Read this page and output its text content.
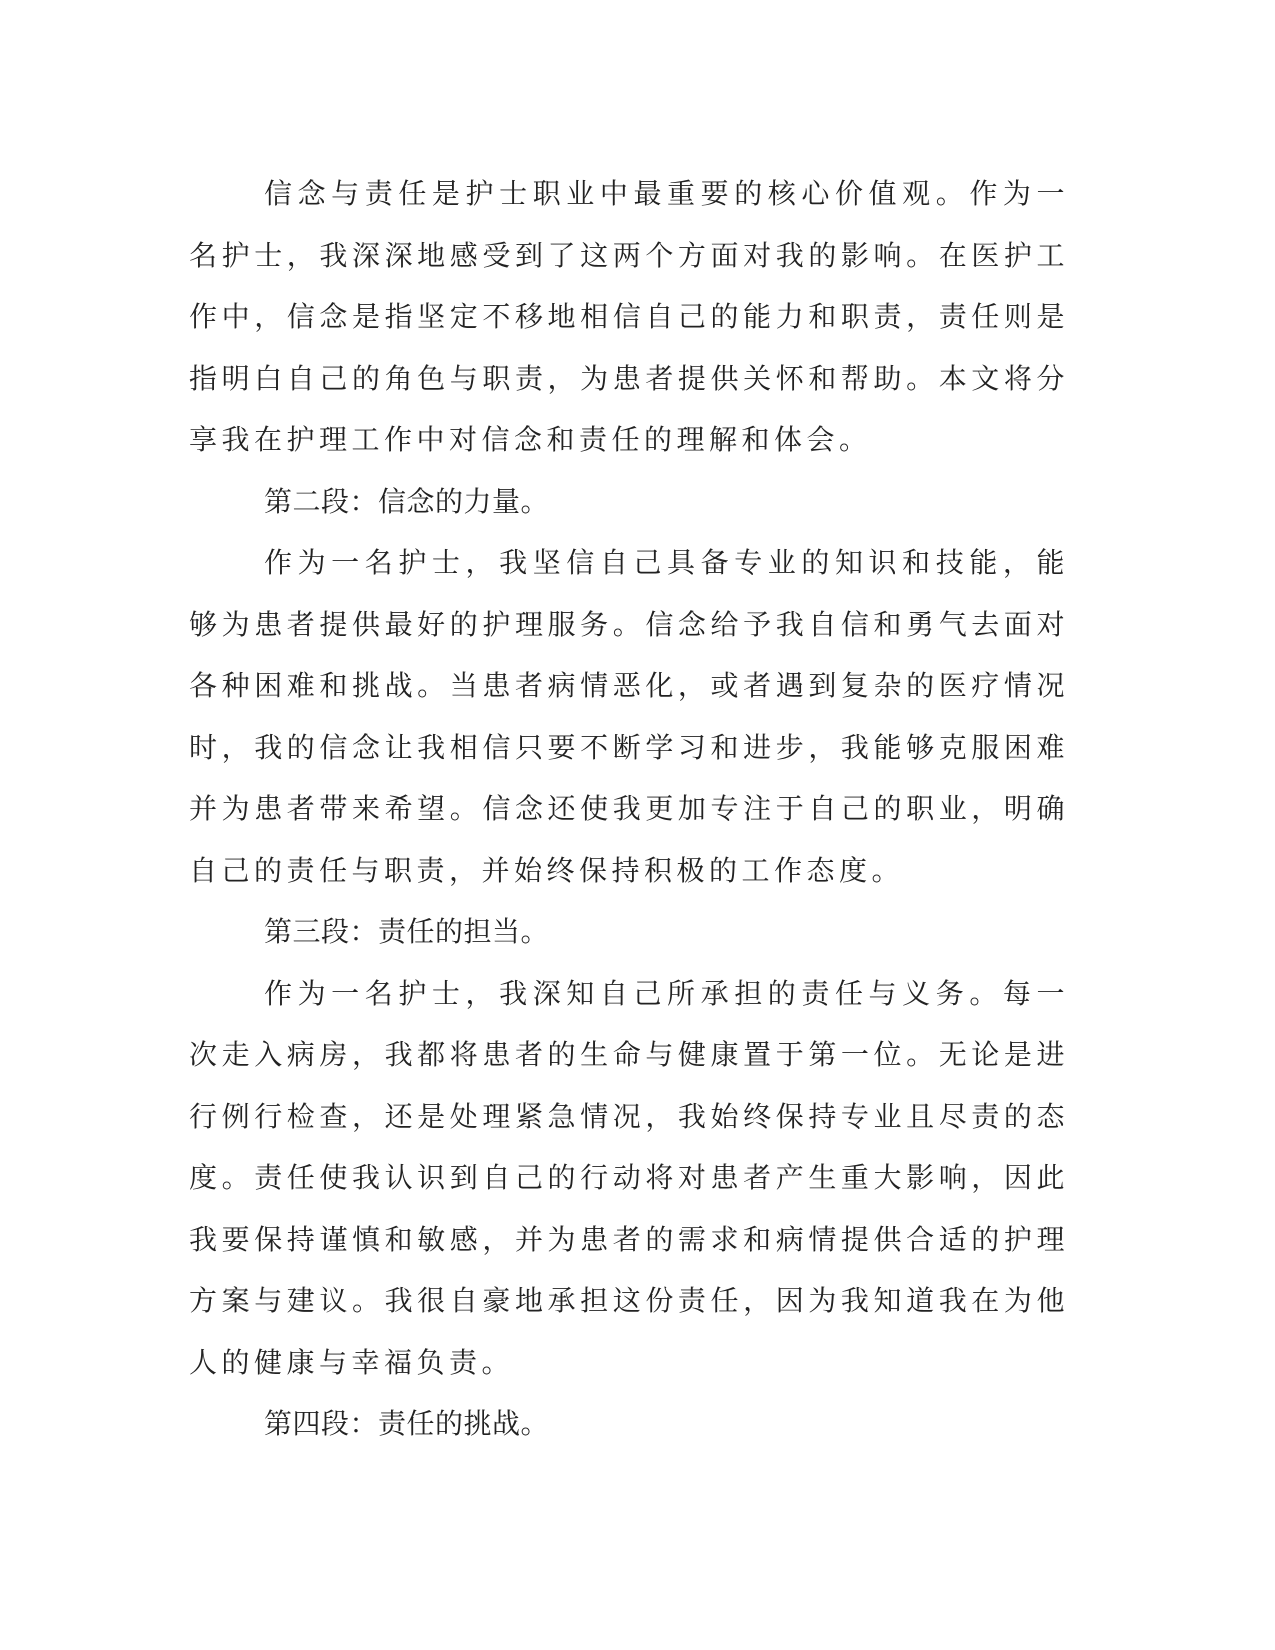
信念与责任是护士职业中最重要的核心价值观。作为一名护士，我深深地感受到了这两个方面对我的影响。在医护工作中，信念是指坚定不移地相信自己的能力和职责，责任则是指明白自己的角色与职责，为患者提供关怀和帮助。本文将分享我在护理工作中对信念和责任的理解和体会。

第二段：信念的力量。

作为一名护士，我坚信自己具备专业的知识和技能，能够为患者提供最好的护理服务。信念给予我自信和勇气去面对各种困难和挑战。当患者病情恶化，或者遇到复杂的医疗情况时，我的信念让我相信只要不断学习和进步，我能够克服困难并为患者带来希望。信念还使我更加专注于自己的职业，明确自己的责任与职责，并始终保持积极的工作态度。

第三段：责任的担当。

作为一名护士，我深知自己所承担的责任与义务。每一次走入病房，我都将患者的生命与健康置于第一位。无论是进行例行检查，还是处理紧急情况，我始终保持专业且尽责的态度。责任使我认识到自己的行动将对患者产生重大影响，因此我要保持谨慎和敏感，并为患者的需求和病情提供合适的护理方案与建议。我很自豪地承担这份责任，因为我知道我在为他人的健康与幸福负责。

第四段：责任的挑战。
